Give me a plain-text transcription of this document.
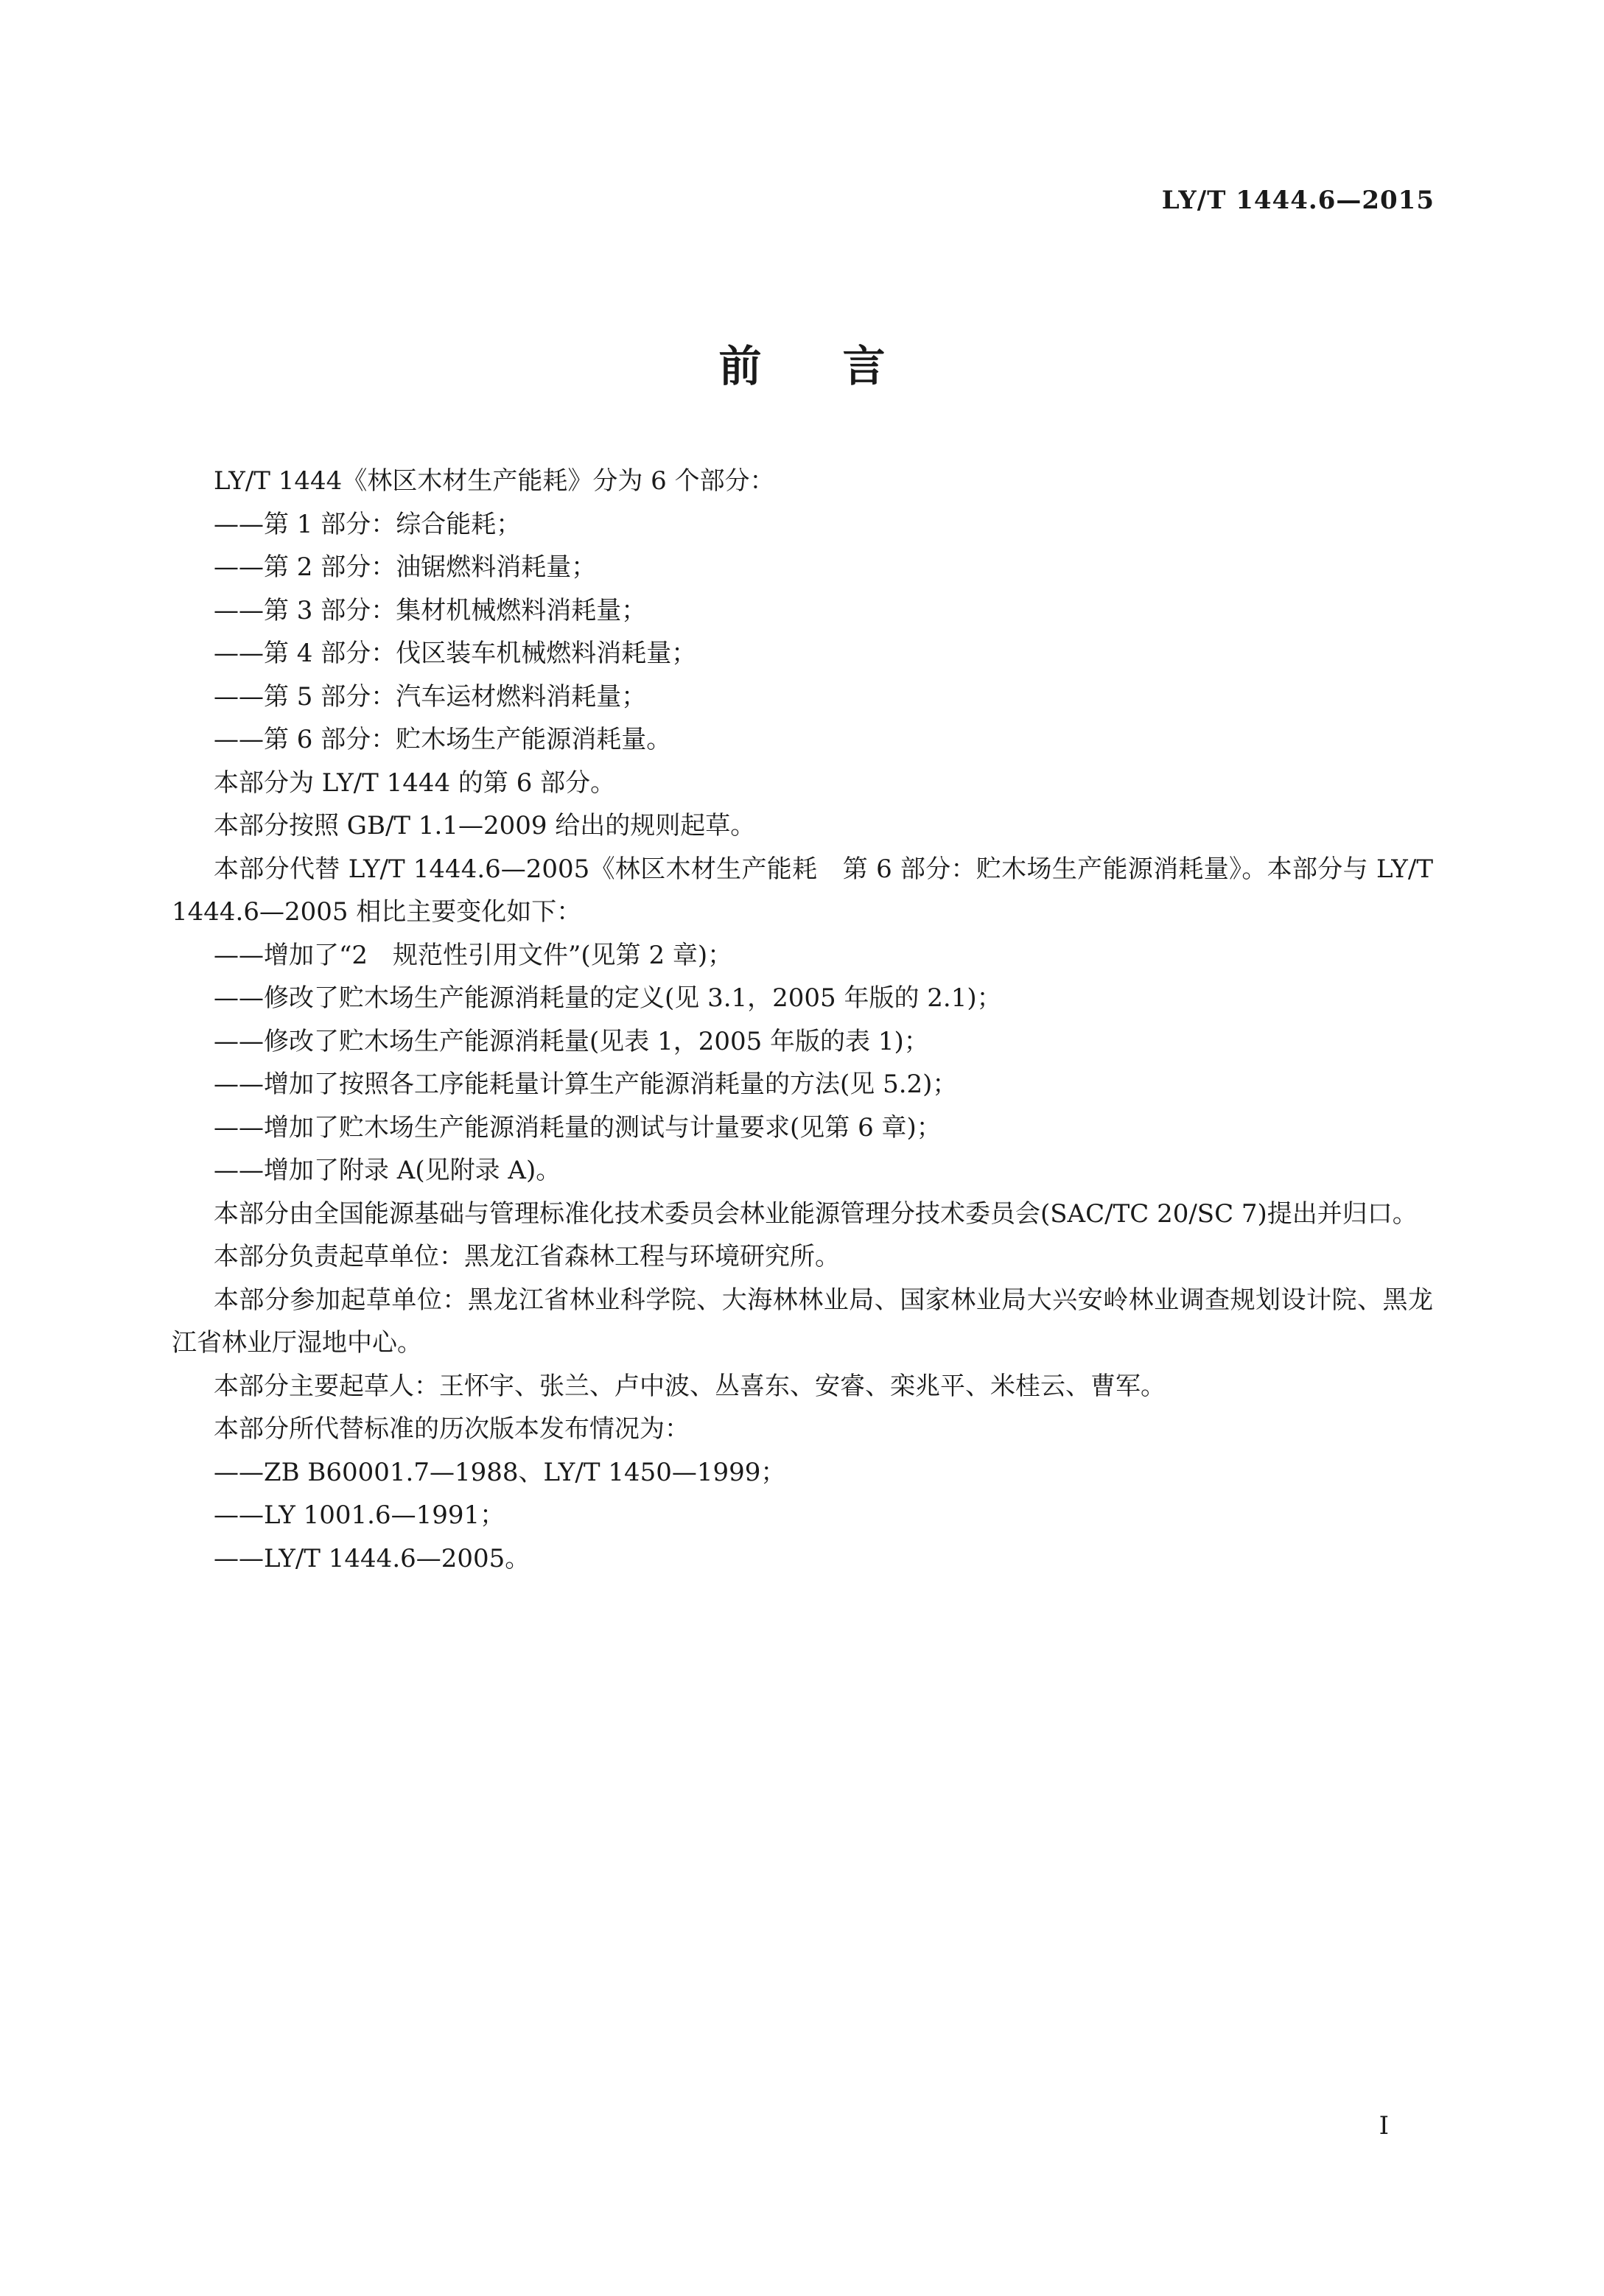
LY/T 1444.6—2015
前言

LY/T 1444《林区木材生产能耗》分为 6 个部分：

——第 1 部分：综合能耗；

——第 2 部分：油锯燃料消耗量；

——第 3 部分：集材机械燃料消耗量；

——第 4 部分：伐区装车机械燃料消耗量；

——第 5 部分：汽车运材燃料消耗量；

——第 6 部分：贮木场生产能源消耗量。

本部分为 LY/T 1444 的第 6 部分。

本部分按照 GB/T 1.1—2009 给出的规则起草。

本部分代替 LY/T 1444.6—2005《林区木材生产能耗　第 6 部分：贮木场生产能源消耗量》。本部分与 LY/T 1444.6—2005 相比主要变化如下：

——增加了“2　规范性引用文件”(见第 2 章)；

——修改了贮木场生产能源消耗量的定义(见 3.1，2005 年版的 2.1)；

——修改了贮木场生产能源消耗量(见表 1，2005 年版的表 1)；

——增加了按照各工序能耗量计算生产能源消耗量的方法(见 5.2)；

——增加了贮木场生产能源消耗量的测试与计量要求(见第 6 章)；

——增加了附录 A(见附录 A)。

本部分由全国能源基础与管理标准化技术委员会林业能源管理分技术委员会(SAC/TC 20/SC 7)提出并归口。

本部分负责起草单位：黑龙江省森林工程与环境研究所。

本部分参加起草单位：黑龙江省林业科学院、大海林林业局、国家林业局大兴安岭林业调查规划设计院、黑龙江省林业厅湿地中心。

本部分主要起草人：王怀宇、张兰、卢中波、丛喜东、安睿、栾兆平、米桂云、曹军。

本部分所代替标准的历次版本发布情况为：

——ZB B60001.7—1988、LY/T 1450—1999；

——LY 1001.6—1991；

——LY/T 1444.6—2005。

I
